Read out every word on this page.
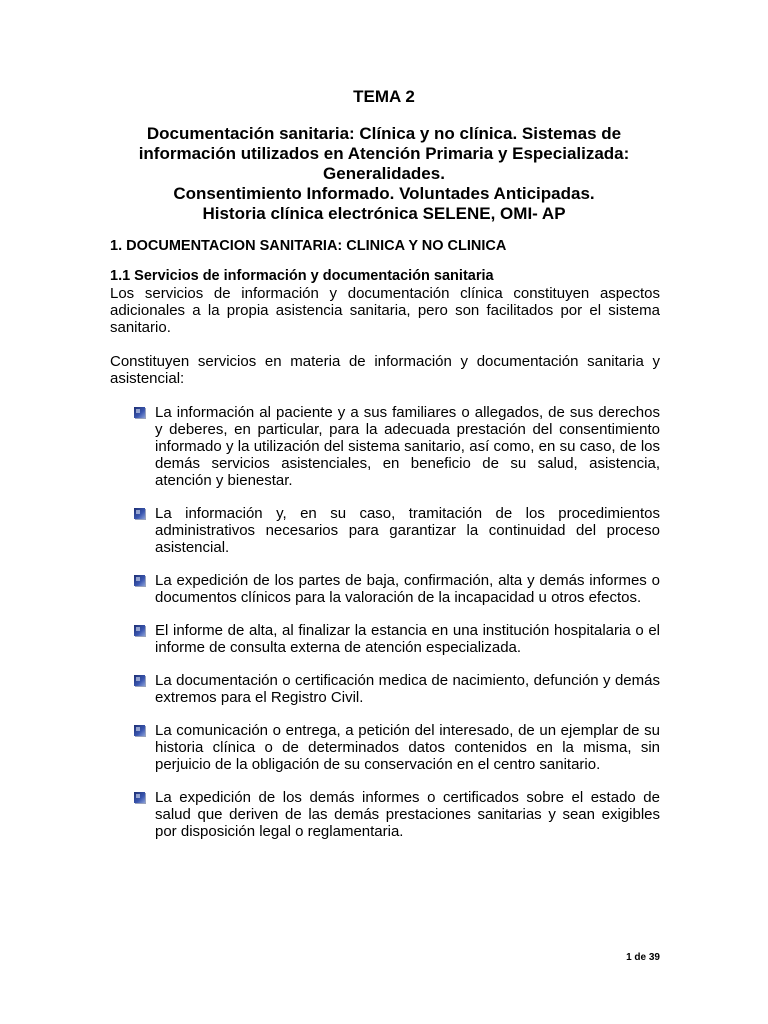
TEMA 2
Documentación sanitaria: Clínica y no clínica. Sistemas de
información utilizados en Atención Primaria y Especializada:
Generalidades.
Consentimiento Informado. Voluntades Anticipadas.
Historia clínica electrónica SELENE, OMI- AP

1. DOCUMENTACION SANITARIA: CLINICA Y NO CLINICA

1.1 Servicios de información y documentación sanitaria

Los servicios de información y documentación clínica constituyen aspectos adicionales a la propia asistencia sanitaria, pero son facilitados por el sistema sanitario.

Constituyen servicios en materia de información y documentación sanitaria y asistencial:

La información al paciente y a sus familiares o allegados, de sus derechos y deberes, en particular, para la adecuada prestación del consentimiento informado y la utilización del sistema sanitario, así como, en su caso, de los demás servicios asistenciales, en beneficio de su salud, asistencia, atención y bienestar.
La información y, en su caso, tramitación de los procedimientos administrativos necesarios para garantizar la continuidad del proceso asistencial.
La expedición de los partes de baja, confirmación, alta y demás informes o documentos clínicos para la valoración de la incapacidad u otros efectos.
El informe de alta, al finalizar la estancia en una institución hospitalaria o el informe de consulta externa de atención especializada.
La documentación o certificación medica de nacimiento, defunción y demás extremos para el Registro Civil.
La comunicación o entrega, a petición del interesado, de un ejemplar de su historia clínica o de determinados datos contenidos en la misma, sin perjuicio de la obligación de su conservación en el centro sanitario.
La expedición de los demás informes o certificados sobre el estado de salud que deriven de las demás prestaciones sanitarias y sean exigibles por disposición legal o reglamentaria.
1 de 39
